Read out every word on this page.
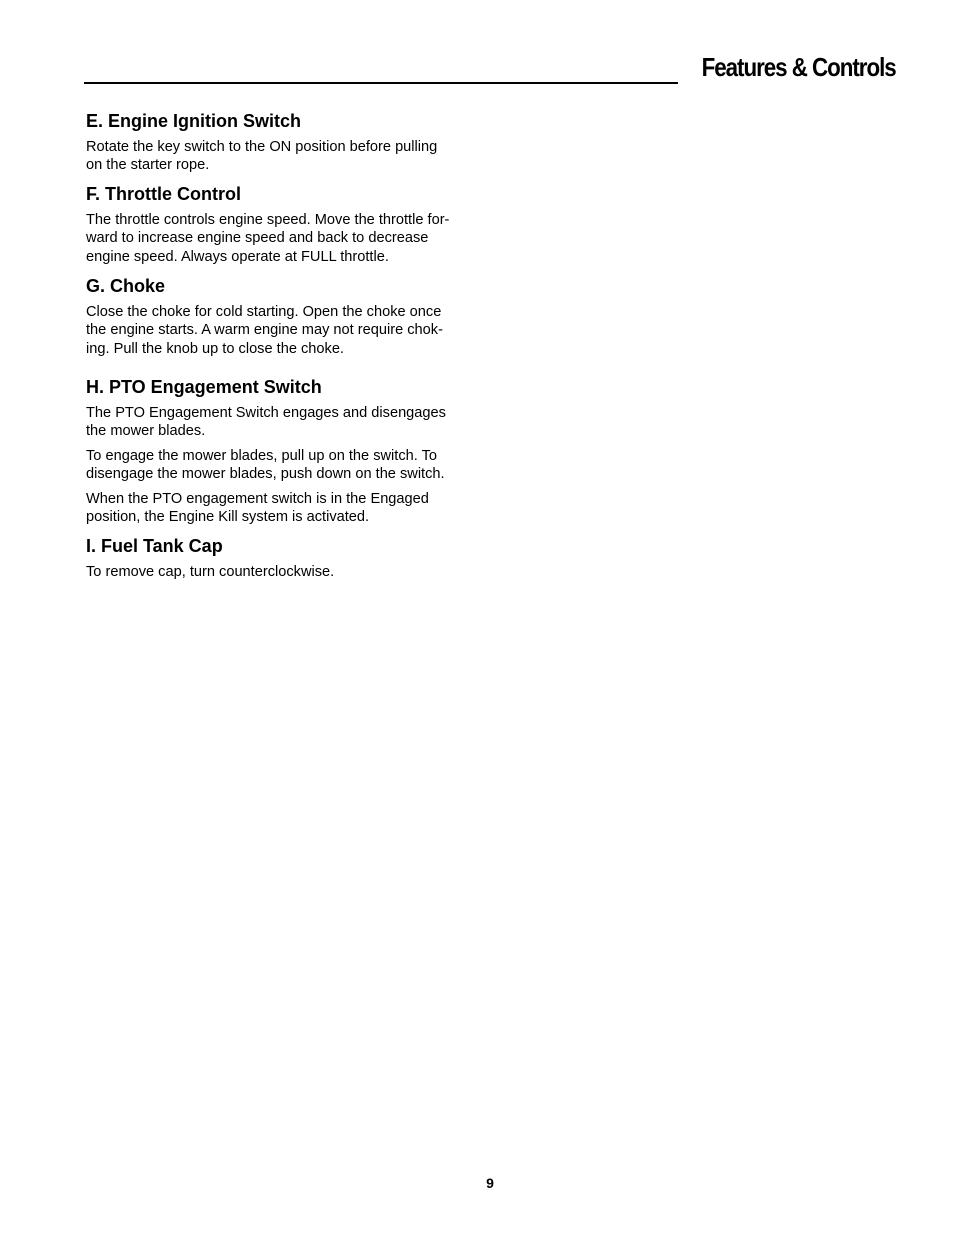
Features & Controls
E. Engine Ignition Switch
Rotate the key switch to the ON position before pulling
on the starter rope.
F. Throttle Control
The throttle controls engine speed. Move the throttle for-
ward to increase engine speed and back to decrease
engine speed. Always operate at FULL throttle.
G. Choke
Close the choke for cold starting. Open the choke once
the engine starts. A warm engine may not require chok-
ing. Pull the knob up to close the choke.
H. PTO Engagement Switch
The PTO Engagement Switch engages and disengages
the mower blades.
To engage the mower blades, pull up on the switch. To
disengage the mower blades, push down on the switch.
When the PTO engagement switch is in the Engaged
position, the Engine Kill system is activated.
I. Fuel Tank Cap
To remove cap, turn counterclockwise.
9
